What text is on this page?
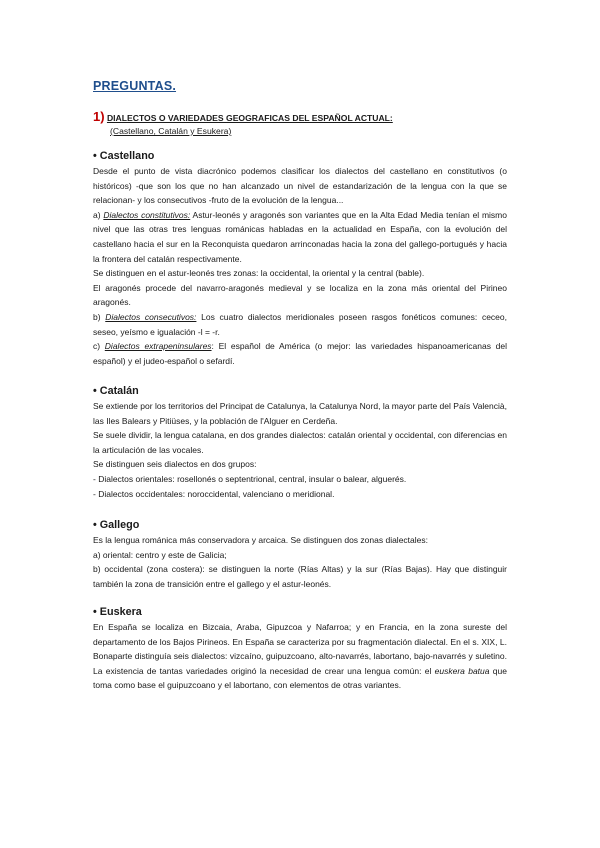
PREGUNTAS.
1) DIALECTOS O VARIEDADES GEOGRAFICAS DEL ESPAÑOL ACTUAL:
(Castellano, Catalán y Esukera)
• Castellano

Desde el punto de vista diacrónico podemos clasificar los dialectos del castellano en constitutivos (o históricos) -que son los que no han alcanzado un nivel de estandarización de la lengua con la que se relacionan- y los consecutivos -fruto de la evolución de la lengua...

a) Dialectos constitutivos: Astur-leonés y aragonés son variantes que en la Alta Edad Media tenían el mismo nivel que las otras tres lenguas románicas habladas en la actualidad en España, con la evolución del castellano hacia el sur en la Reconquista quedaron arrinconadas hacia la zona del gallego-portugués y hacia la frontera del catalán respectivamente.

Se distinguen en el astur-leonés tres zonas: la occidental, la oriental y la central (bable).

El aragonés procede del navarro-aragonés medieval y se localiza en la zona más oriental del Pirineo aragonés.

b) Dialectos consecutivos: Los cuatro dialectos meridionales poseen rasgos fonéticos comunes: ceceo, seseo, yeísmo e igualación -l = -r.

c) Dialectos extrapeninsulares: El español de América (o mejor: las variedades hispanoamericanas del español) y el judeo-español o sefardí.

• Catalán

Se extiende por los territorios del Principat de Catalunya, la Catalunya Nord, la mayor parte del País Valencià, las Iles Balears y Pitiüses, y la población de l'Alguer en Cerdeña.

Se suele dividir, la lengua catalana, en dos grandes dialectos: catalán oriental y occidental, con diferencias en la articulación de las vocales.

Se distinguen seis dialectos en dos grupos:

- Dialectos orientales: rosellonés o septentrional, central, insular o balear, alguerés.

- Dialectos occidentales: noroccidental, valenciano o meridional.

• Gallego

Es la lengua románica más conservadora y arcaica. Se distinguen dos zonas dialectales:

a) oriental: centro y este de Galicia;

b) occidental (zona costera): se distinguen la norte (Rías Altas) y la sur (Rías Bajas). Hay que distinguir también la zona de transición entre el gallego y el astur-leonés.

• Euskera

En España se localiza en Bizcaia, Araba, Gipuzcoa y Nafarroa; y en Francia, en la zona sureste del departamento de los Bajos Pirineos. En España se caracteriza por su fragmentación dialectal. En el s. XIX, L. Bonaparte distinguía seis dialectos: vizcaíno, guipuzcoano, alto-navarrés, labortano, bajo-navarrés y suletino. La existencia de tantas variedades originó la necesidad de crear una lengua común: el euskera batua que toma como base el guipuzcoano y el labortano, con elementos de otras variantes.
